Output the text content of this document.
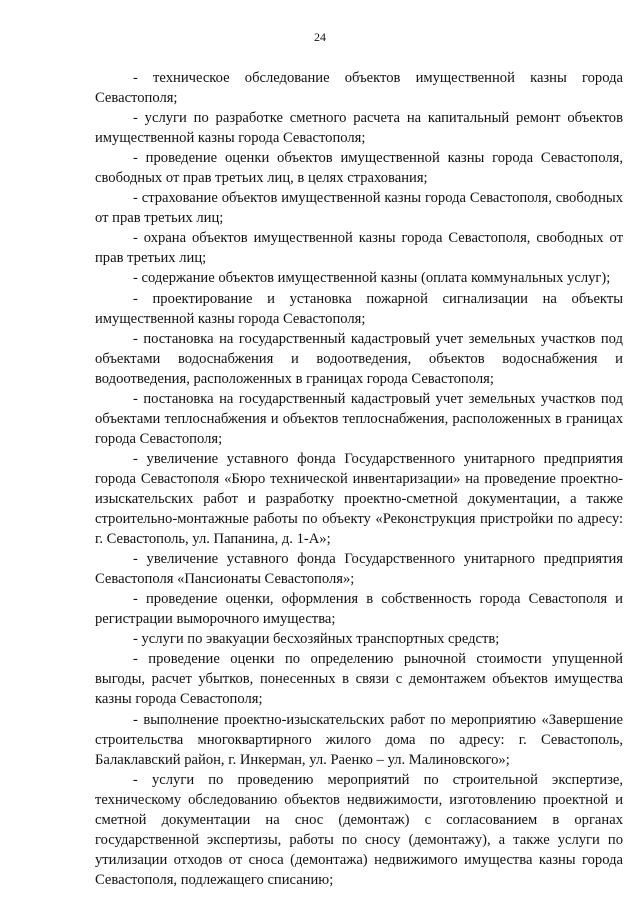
24

- техническое обследование объектов имущественной казны города Севастополя;

- услуги по разработке сметного расчета на капитальный ремонт объектов имущественной казны города Севастополя;

- проведение оценки объектов имущественной казны города Севастополя, свободных от прав третьих лиц, в целях страхования;

- страхование объектов имущественной казны города Севастополя, свободных от прав третьих лиц;

- охрана объектов имущественной казны города Севастополя, свободных от прав третьих лиц;

- содержание объектов имущественной казны (оплата коммунальных услуг);

- проектирование и установка пожарной сигнализации на объекты имущественной казны города Севастополя;

- постановка на государственный кадастровый учет земельных участков под объектами водоснабжения и водоотведения, объектов водоснабжения и водоотведения, расположенных в границах города Севастополя;

- постановка на государственный кадастровый учет земельных участков под объектами теплоснабжения и объектов теплоснабжения, расположенных в границах города Севастополя;

- увеличение уставного фонда Государственного унитарного предприятия города Севастополя «Бюро технической инвентаризации» на проведение проектно-изыскательских работ и разработку проектно-сметной документации, а также строительно-монтажные работы по объекту «Реконструкция пристройки по адресу: г. Севастополь, ул. Папанина, д. 1-А»;

- увеличение уставного фонда Государственного унитарного предприятия Севастополя «Пансионаты Севастополя»;

- проведение оценки, оформления в собственность города Севастополя и регистрации выморочного имущества;

- услуги по эвакуации бесхозяйных транспортных средств;

- проведение оценки по определению рыночной стоимости упущенной выгоды, расчет убытков, понесенных в связи с демонтажем объектов имущества казны города Севастополя;

- выполнение проектно-изыскательских работ по мероприятию «Завершение строительства многоквартирного жилого дома по адресу: г. Севастополь, Балаклавский район, г. Инкерман, ул. Раенко – ул. Малиновского»;

- услуги по проведению мероприятий по строительной экспертизе, техническому обследованию объектов недвижимости, изготовлению проектной и сметной документации на снос (демонтаж) с согласованием в органах государственной экспертизы, работы по сносу (демонтажу), а также услуги по утилизации отходов от сноса (демонтажа) недвижимого имущества казны города Севастополя, подлежащего списанию;
